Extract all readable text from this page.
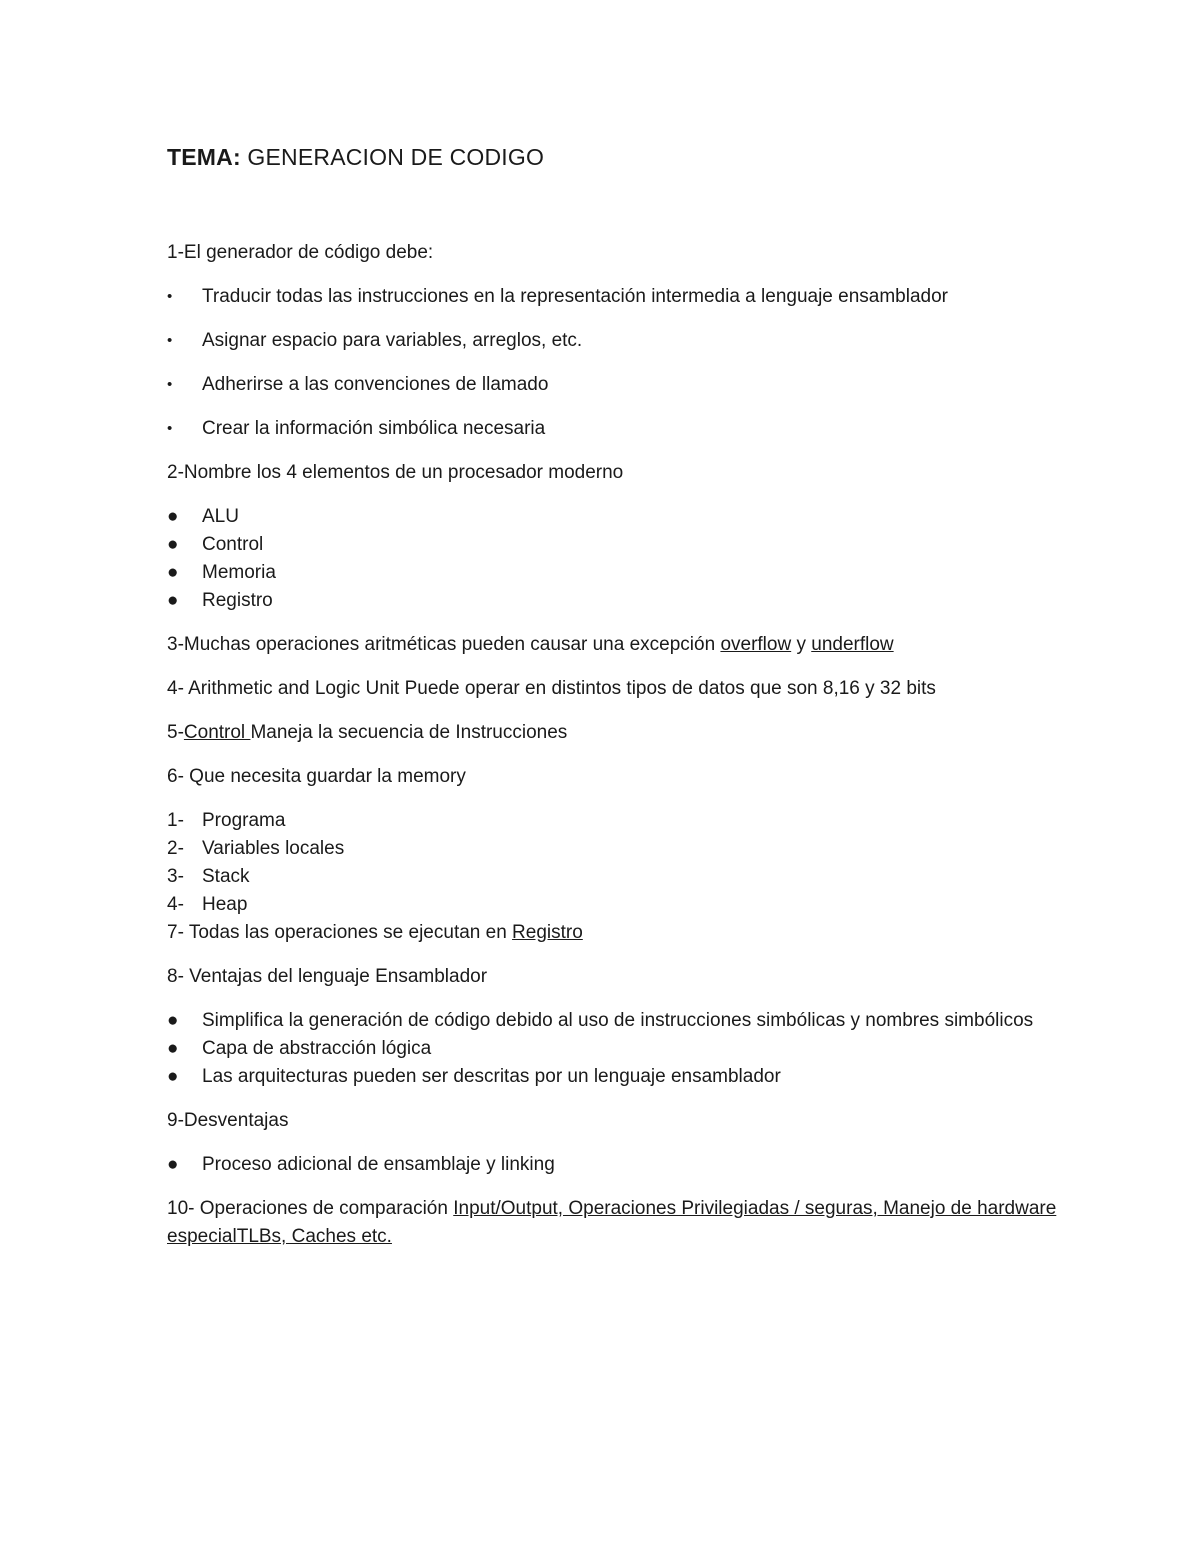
TEMA: GENERACION DE CODIGO
1-El generador de código debe:
•	Traducir todas las instrucciones en la representación intermedia a lenguaje ensamblador
•	Asignar espacio para variables, arreglos, etc.
•	Adherirse a las convenciones de llamado
•	Crear la información simbólica necesaria
2-Nombre los 4 elementos de un procesador moderno
●	ALU
●	Control
●	Memoria
●	Registro
3-Muchas operaciones aritméticas pueden causar una excepción overflow y underflow
4- Arithmetic and Logic Unit Puede operar en distintos tipos de datos que son 8,16 y 32 bits
5-Control Maneja la secuencia de Instrucciones
6- Que necesita guardar la memory
1- Programa
2- Variables locales
3- Stack
4- Heap
7- Todas las operaciones se ejecutan en Registro
8- Ventajas del lenguaje Ensamblador
●	Simplifica la generación de código debido al uso de instrucciones simbólicas y nombres simbólicos
●	Capa de abstracción lógica
●	Las arquitecturas pueden ser descritas por un lenguaje ensamblador
9-Desventajas
●	Proceso adicional de ensamblaje y linking
10- Operaciones de comparación Input/Output, Operaciones Privilegiadas / seguras, Manejo de hardware especialTLBs, Caches etc.
